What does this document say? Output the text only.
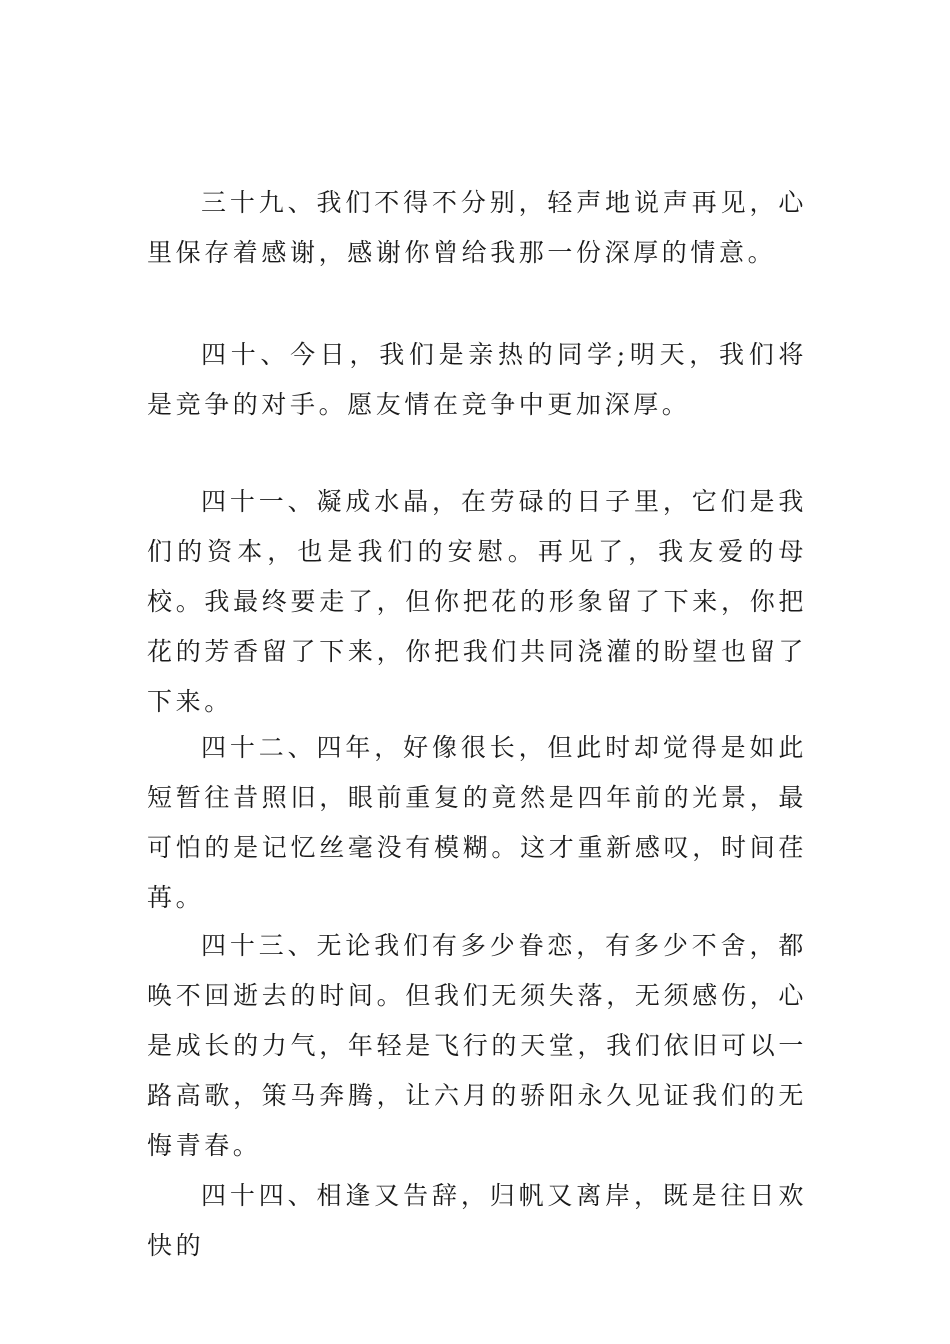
三十九、我们不得不分别，轻声地说声再见，心里保存着感谢，感谢你曾给我那一份深厚的情意。

四十、今日，我们是亲热的同学;明天，我们将是竞争的对手。愿友情在竞争中更加深厚。

四十一、凝成水晶，在劳碌的日子里，它们是我们的资本，也是我们的安慰。再见了，我友爱的母校。我最终要走了，但你把花的形象留了下来，你把花的芳香留了下来，你把我们共同浇灌的盼望也留了下来。

四十二、四年，好像很长，但此时却觉得是如此短暂往昔照旧，眼前重复的竟然是四年前的光景，最可怕的是记忆丝毫没有模糊。这才重新感叹，时间荏苒。

四十三、无论我们有多少眷恋，有多少不舍，都唤不回逝去的时间。但我们无须失落，无须感伤，心是成长的力气，年轻是飞行的天堂，我们依旧可以一路高歌，策马奔腾，让六月的骄阳永久见证我们的无悔青春。

四十四、相逢又告辞，归帆又离岸，既是往日欢快的
